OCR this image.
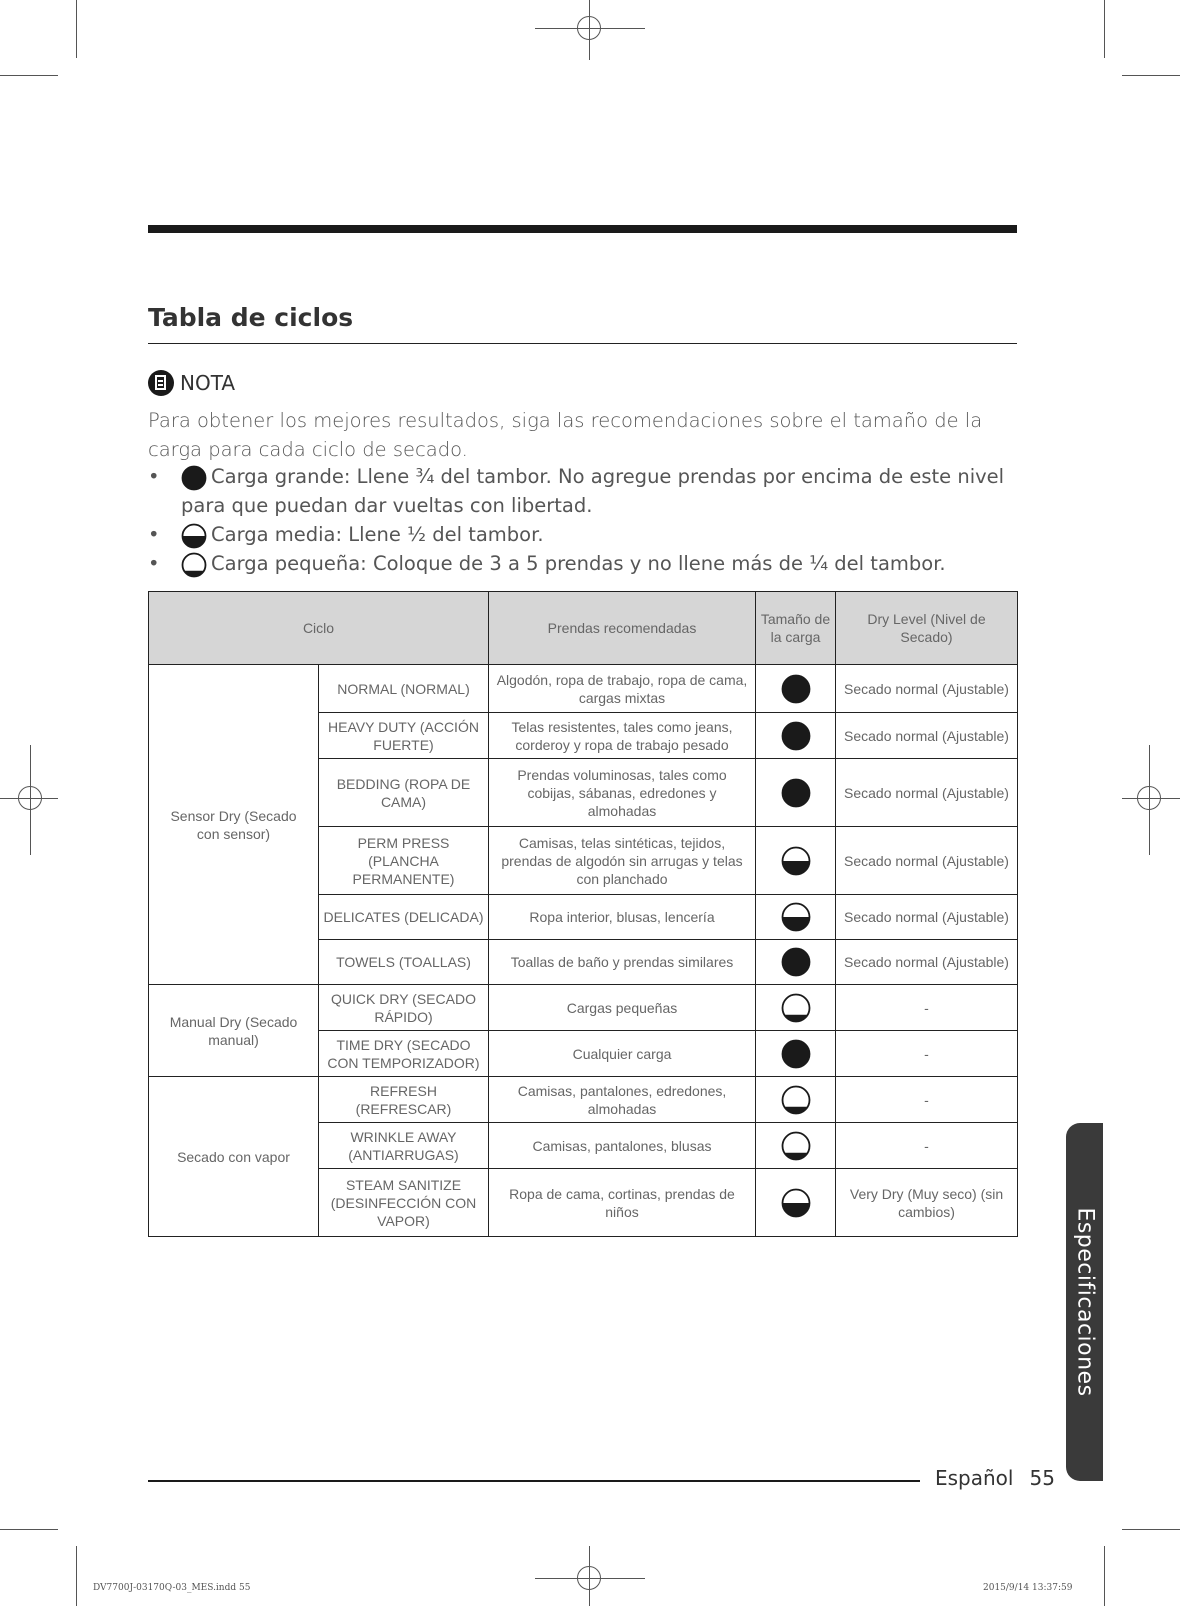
Tabla de ciclos
NOTA
Para obtener los mejores resultados, siga las recomendaciones sobre el tamaño de la carga para cada ciclo de secado.
• Carga grande: Llene ¾ del tambor. No agregue prendas por encima de este nivel para que puedan dar vueltas con libertad.
• Carga media: Llene ½ del tambor.
• Carga pequeña: Coloque de 3 a 5 prendas y no llene más de ¼ del tambor.
Ciclo		Prendas recomendadas	Tamaño de la carga	Dry Level (Nivel de Secado)
Sensor Dry (Secado con sensor)	NORMAL (NORMAL)	Algodón, ropa de trabajo, ropa de cama, cargas mixtas		Secado normal (Ajustable)
	HEAVY DUTY (ACCIÓN FUERTE)	Telas resistentes, tales como jeans, corderoy y ropa de trabajo pesado		Secado normal (Ajustable)
	BEDDING (ROPA DE CAMA)	Prendas voluminosas, tales como cobijas, sábanas, edredones y almohadas		Secado normal (Ajustable)
	PERM PRESS (PLANCHA PERMANENTE)	Camisas, telas sintéticas, tejidos, prendas de algodón sin arrugas y telas con planchado		Secado normal (Ajustable)
	DELICATES (DELICADA)	Ropa interior, blusas, lencería		Secado normal (Ajustable)
	TOWELS (TOALLAS)	Toallas de baño y prendas similares		Secado normal (Ajustable)
Manual Dry (Secado manual)	QUICK DRY (SECADO RÁPIDO)	Cargas pequeñas		-
	TIME DRY (SECADO CON TEMPORIZADOR)	Cualquier carga		-
Secado con vapor	REFRESH (REFRESCAR)	Camisas, pantalones, edredones, almohadas		-
	WRINKLE AWAY (ANTIARRUGAS)	Camisas, pantalones, blusas		-
	STEAM SANITIZE (DESINFECCIÓN CON VAPOR)	Ropa de cama, cortinas, prendas de niños		Very Dry (Muy seco) (sin cambios)	Especificaciones
Español 55
DV7700J-03170Q-03_MES.indd 55	2015/9/14 13:37:59
